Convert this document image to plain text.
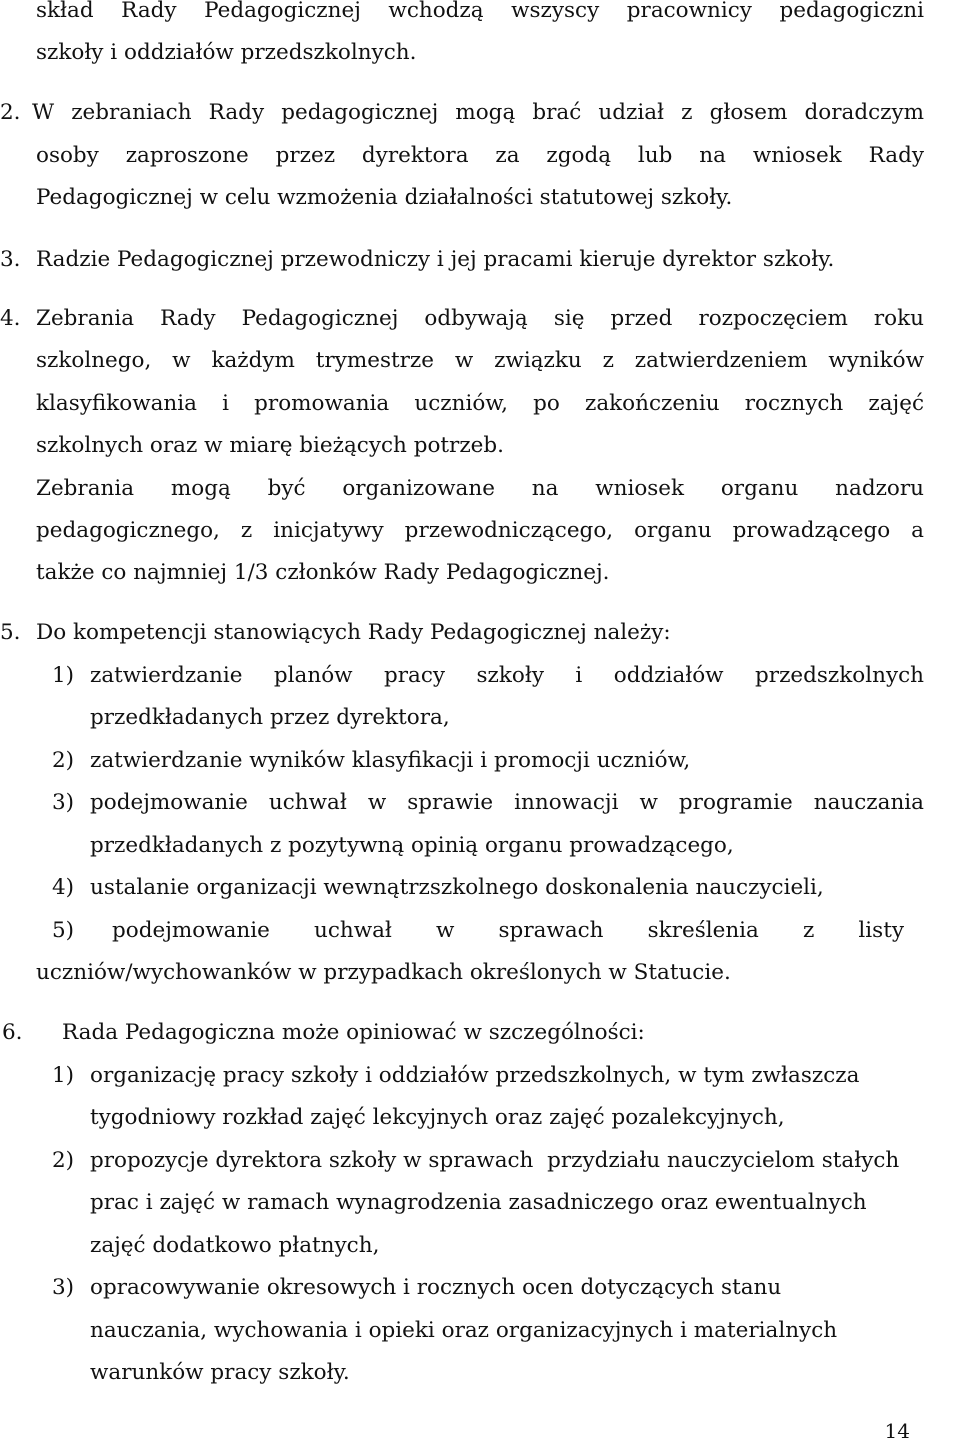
skład Rady Pedagogicznej wchodzą wszyscy pracownicy pedagogiczni
szkoły i oddziałów przedszkolnych.
2. W zebraniach Rady pedagogicznej mogą brać udział z głosem doradczym
osoby zaproszone przez dyrektora za zgodą lub na wniosek Rady
Pedagogicznej w celu wzmożenia działalności statutowej szkoły.
3. Radzie Pedagogicznej przewodniczy i jej pracami kieruje dyrektor szkoły.
4. Zebrania Rady Pedagogicznej odbywają się przed rozpoczęciem roku
szkolnego, w każdym trymestrze w związku z zatwierdzeniem wyników
klasyfikowania i promowania uczniów, po zakończeniu rocznych zajęć
szkolnych oraz w miarę bieżących potrzeb.
Zebrania mogą być organizowane na wniosek organu nadzoru
pedagogicznego, z inicjatywy przewodniczącego, organu prowadzącego a
także co najmniej 1/3 członków Rady Pedagogicznej.
5. Do kompetencji stanowiących Rady Pedagogicznej należy:
1) zatwierdzanie planów pracy szkoły i oddziałów przedszkolnych
przedkładanych przez dyrektora,
2) zatwierdzanie wyników klasyfikacji i promocji uczniów,
3) podejmowanie uchwał w sprawie innowacji w programie nauczania
przedkładanych z pozytywną opinią organu prowadzącego,
4) ustalanie organizacji wewnątrzszkolnego doskonalenia nauczycieli,
5) podejmowanie uchwał w sprawach skreślenia z listy
uczniów/wychowanków w przypadkach określonych w Statucie.
6. Rada Pedagogiczna może opiniować w szczególności:
1) organizację pracy szkoły i oddziałów przedszkolnych, w tym zwłaszcza
tygodniowy rozkład zajęć lekcyjnych oraz zajęć pozalekcyjnych,
2) propozycje dyrektora szkoły w sprawach  przydziału nauczycielom stałych
prac i zajęć w ramach wynagrodzenia zasadniczego oraz ewentualnych
zajęć dodatkowo płatnych,
3) opracowywanie okresowych i rocznych ocen dotyczących stanu
nauczania, wychowania i opieki oraz organizacyjnych i materialnych
warunków pracy szkoły.
14
